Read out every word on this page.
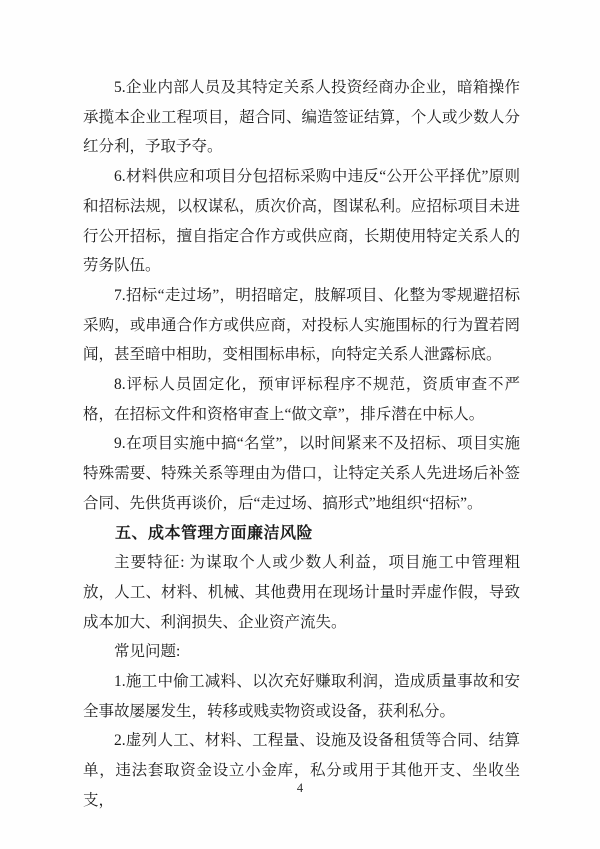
5.企业内部人员及其特定关系人投资经商办企业，暗箱操作承揽本企业工程项目，超合同、编造签证结算，个人或少数人分红分利，予取予夺。

6.材料供应和项目分包招标采购中违反“公开公平择优”原则和招标法规，以权谋私，质次价高，图谋私利。应招标项目未进行公开招标，擅自指定合作方或供应商，长期使用特定关系人的劳务队伍。

7.招标“走过场”，明招暗定，肢解项目、化整为零规避招标采购，或串通合作方或供应商，对投标人实施围标的行为置若罔闻，甚至暗中相助，变相围标串标，向特定关系人泄露标底。

8.评标人员固定化，预审评标程序不规范，资质审查不严格，在招标文件和资格审查上“做文章”，排斥潜在中标人。

9.在项目实施中搞“名堂”，以时间紧来不及招标、项目实施特殊需要、特殊关系等理由为借口，让特定关系人先进场后补签合同、先供货再谈价，后“走过场、搞形式”地组织“招标”。

五、成本管理方面廉洁风险

主要特征: 为谋取个人或少数人利益，项目施工中管理粗放，人工、材料、机械、其他费用在现场计量时弄虚作假，导致成本加大、利润损失、企业资产流失。

常见问题:

1.施工中偷工减料、以次充好赚取利润，造成质量事故和安全事故屡屡发生，转移或贱卖物资或设备，获利私分。

2.虚列人工、材料、工程量、设施及设备租赁等合同、结算单，违法套取资金设立小金库，私分或用于其他开支、坐收坐支，

4
